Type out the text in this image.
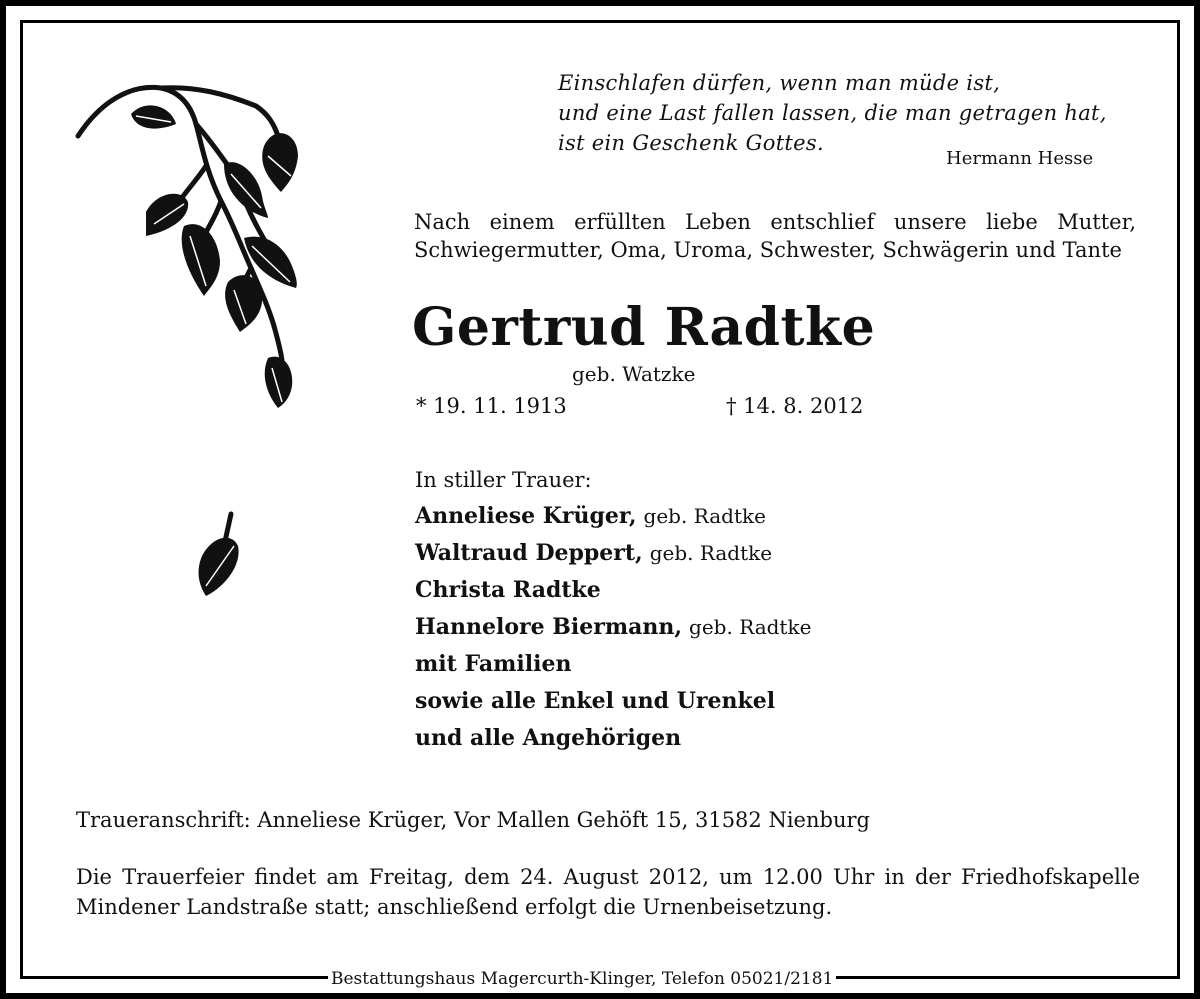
Einschlafen dürfen, wenn man müde ist,
und eine Last fallen lassen, die man getragen hat,
ist ein Geschenk Gottes.
Hermann Hesse
Nach einem erfüllten Leben entschlief unsere liebe Mutter, Schwiegermutter, Oma, Uroma, Schwester, Schwägerin und Tante
Gertrud Radtke
geb. Watzke
* 19. 11. 1913	† 14. 8. 2012
In stiller Trauer:
Anneliese Krüger, geb. Radtke
Waltraud Deppert, geb. Radtke
Christa Radtke
Hannelore Biermann, geb. Radtke
mit Familien
sowie alle Enkel und Urenkel
und alle Angehörigen
Traueranschrift: Anneliese Krüger, Vor Mallen Gehöft 15, 31582 Nienburg
Die Trauerfeier findet am Freitag, dem 24. August 2012, um 12.00 Uhr in der Friedhofskapelle Mindener Landstraße statt; anschließend erfolgt die Urnenbeisetzung.
Bestattungshaus Magercurth-Klinger, Telefon 05021/2181
